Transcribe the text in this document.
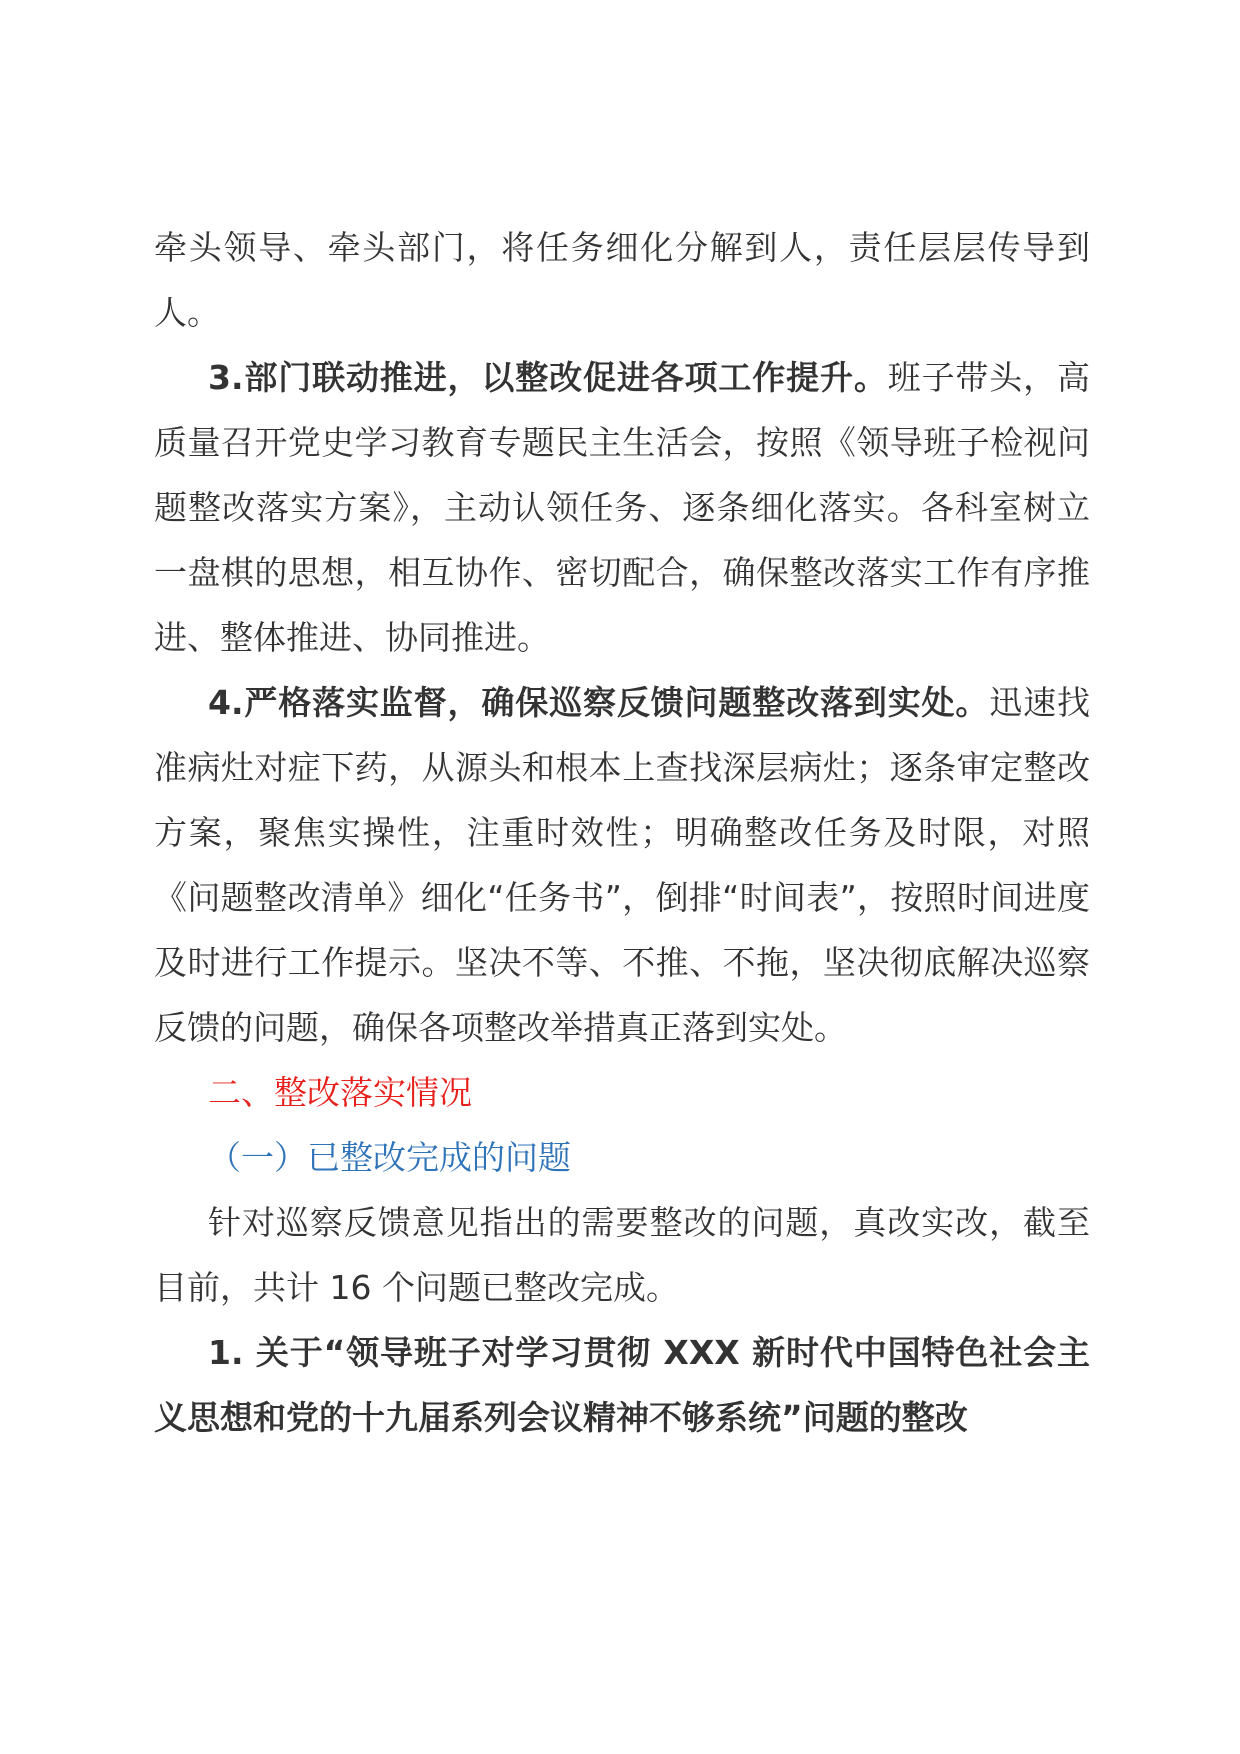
牵头领导、牵头部门，将任务细化分解到人，责任层层传导到人。

3.部门联动推进，以整改促进各项工作提升。班子带头，高质量召开党史学习教育专题民主生活会，按照《领导班子检视问题整改落实方案》，主动认领任务、逐条细化落实。各科室树立一盘棋的思想，相互协作、密切配合，确保整改落实工作有序推进、整体推进、协同推进。

4.严格落实监督，确保巡察反馈问题整改落到实处。迅速找准病灶对症下药，从源头和根本上查找深层病灶；逐条审定整改方案，聚焦实操性，注重时效性；明确整改任务及时限，对照《问题整改清单》细化“任务书”，倒排“时间表”，按照时间进度及时进行工作提示。坚决不等、不推、不拖，坚决彻底解决巡察反馈的问题，确保各项整改举措真正落到实处。

二、整改落实情况

（一）已整改完成的问题

针对巡察反馈意见指出的需要整改的问题，真改实改，截至目前，共计 16 个问题已整改完成。

1. 关于“领导班子对学习贯彻 XXX 新时代中国特色社会主义思想和党的十九届系列会议精神不够系统”问题的整改
